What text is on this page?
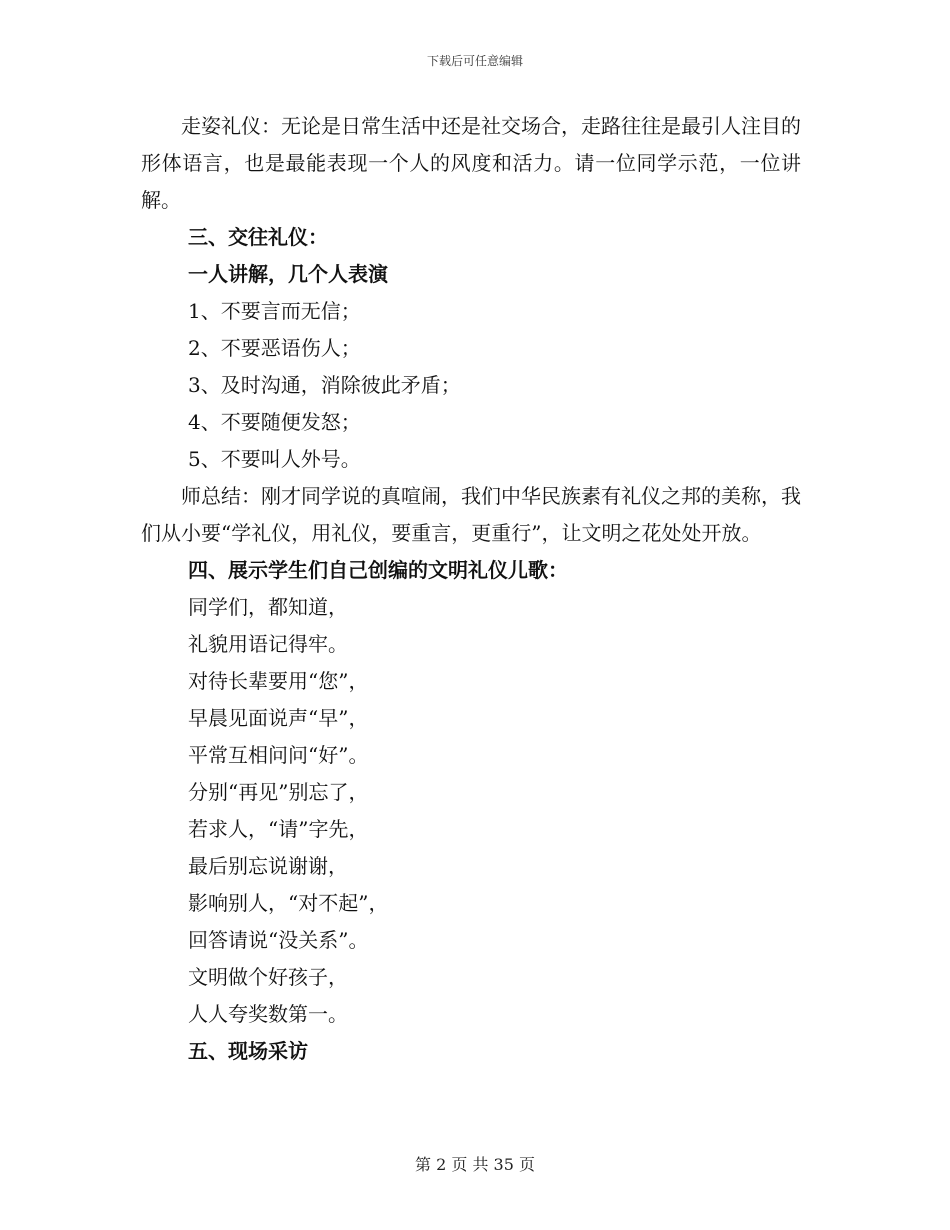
下载后可任意编辑

走姿礼仪：无论是日常生活中还是社交场合，走路往往是最引人注目的形体语言，也是最能表现一个人的风度和活力。请一位同学示范，一位讲解。

三、交往礼仪：

一人讲解，几个人表演

1、不要言而无信；

2、不要恶语伤人；

3、及时沟通，消除彼此矛盾；

4、不要随便发怒；

5、不要叫人外号。

师总结：刚才同学说的真喧闹，我们中华民族素有礼仪之邦的美称，我们从小要“学礼仪，用礼仪，要重言，更重行”，让文明之花处处开放。

四、展示学生们自己创编的文明礼仪儿歌：

同学们，都知道，

礼貌用语记得牢。

对待长辈要用“您”，

早晨见面说声“早”，

平常互相问问“好”。

分别“再见”别忘了，

若求人，“请”字先，

最后别忘说谢谢，

影响别人，“对不起”，

回答请说“没关系”。

文明做个好孩子，

人人夸奖数第一。

五、现场采访

第 2 页 共 35 页
